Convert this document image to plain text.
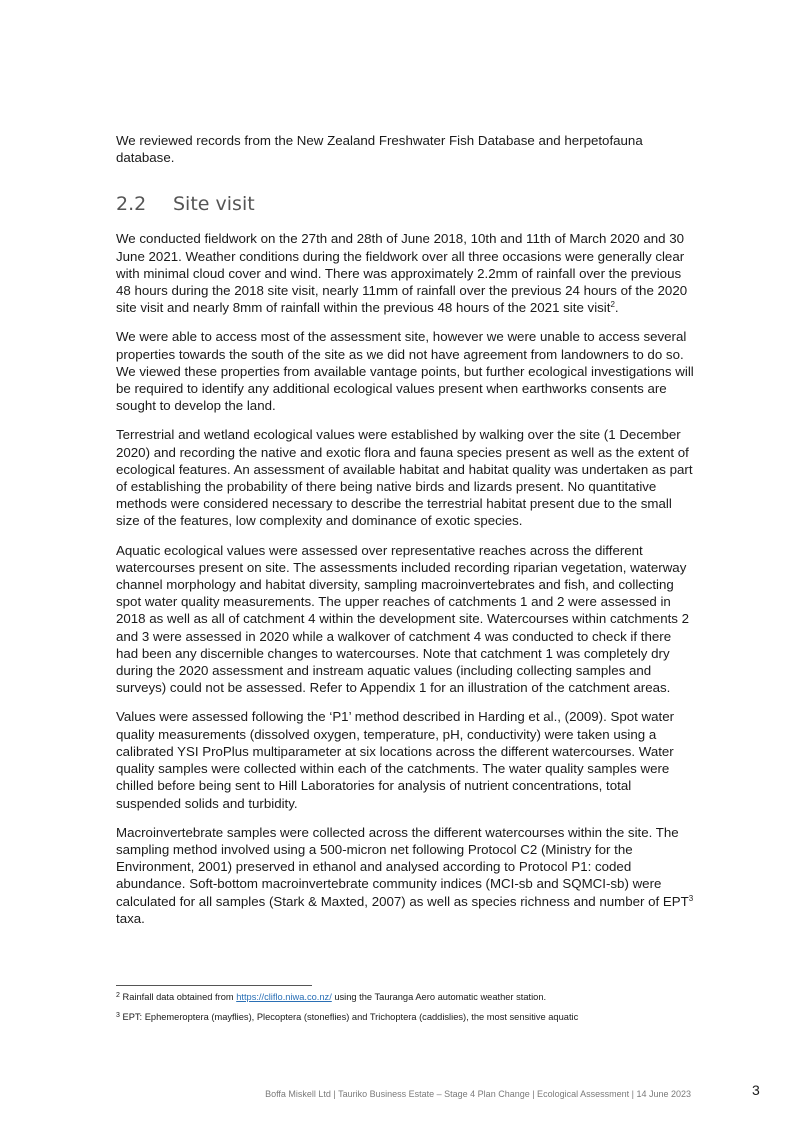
We reviewed records from the New Zealand Freshwater Fish Database and herpetofauna database.

2.2 Site visit

We conducted fieldwork on the 27th and 28th of June 2018, 10th and 11th of March 2020 and 30 June 2021. Weather conditions during the fieldwork over all three occasions were generally clear with minimal cloud cover and wind. There was approximately 2.2mm of rainfall over the previous 48 hours during the 2018 site visit, nearly 11mm of rainfall over the previous 24 hours of the 2020 site visit and nearly 8mm of rainfall within the previous 48 hours of the 2021 site visit$^2$.

We were able to access most of the assessment site, however we were unable to access several properties towards the south of the site as we did not have agreement from landowners to do so. We viewed these properties from available vantage points, but further ecological investigations will be required to identify any additional ecological values present when earthworks consents are sought to develop the land.

Terrestrial and wetland ecological values were established by walking over the site (1 December 2020) and recording the native and exotic flora and fauna species present as well as the extent of ecological features. An assessment of available habitat and habitat quality was undertaken as part of establishing the probability of there being native birds and lizards present. No quantitative methods were considered necessary to describe the terrestrial habitat present due to the small size of the features, low complexity and dominance of exotic species.

Aquatic ecological values were assessed over representative reaches across the different watercourses present on site. The assessments included recording riparian vegetation, waterway channel morphology and habitat diversity, sampling macroinvertebrates and fish, and collecting spot water quality measurements. The upper reaches of catchments 1 and 2 were assessed in 2018 as well as all of catchment 4 within the development site. Watercourses within catchments 2 and 3 were assessed in 2020 while a walkover of catchment 4 was conducted to check if there had been any discernible changes to watercourses. Note that catchment 1 was completely dry during the 2020 assessment and instream aquatic values (including collecting samples and surveys) could not be assessed. Refer to Appendix 1 for an illustration of the catchment areas.

Values were assessed following the ‘P1’ method described in Harding et al., (2009). Spot water quality measurements (dissolved oxygen, temperature, pH, conductivity) were taken using a calibrated YSI ProPlus multiparameter at six locations across the different watercourses. Water quality samples were collected within each of the catchments. The water quality samples were chilled before being sent to Hill Laboratories for analysis of nutrient concentrations, total suspended solids and turbidity.

Macroinvertebrate samples were collected across the different watercourses within the site. The sampling method involved using a 500-micron net following Protocol C2 (Ministry for the Environment, 2001) preserved in ethanol and analysed according to Protocol P1: coded abundance. Soft-bottom macroinvertebrate community indices (MCI-sb and SQMCI-sb) were calculated for all samples (Stark & Maxted, 2007) as well as species richness and number of EPT$^3$ taxa.

$^2$ Rainfall data obtained from https://cliflo.niwa.co.nz/ using the Tauranga Aero automatic weather station.

$^3$ EPT: Ephemeroptera (mayflies), Plecoptera (stoneflies) and Trichoptera (caddislies), the most sensitive aquatic

Boffa Miskell Ltd | Tauriko Business Estate – Stage 4 Plan Change | Ecological Assessment | 14 June 2023	3
